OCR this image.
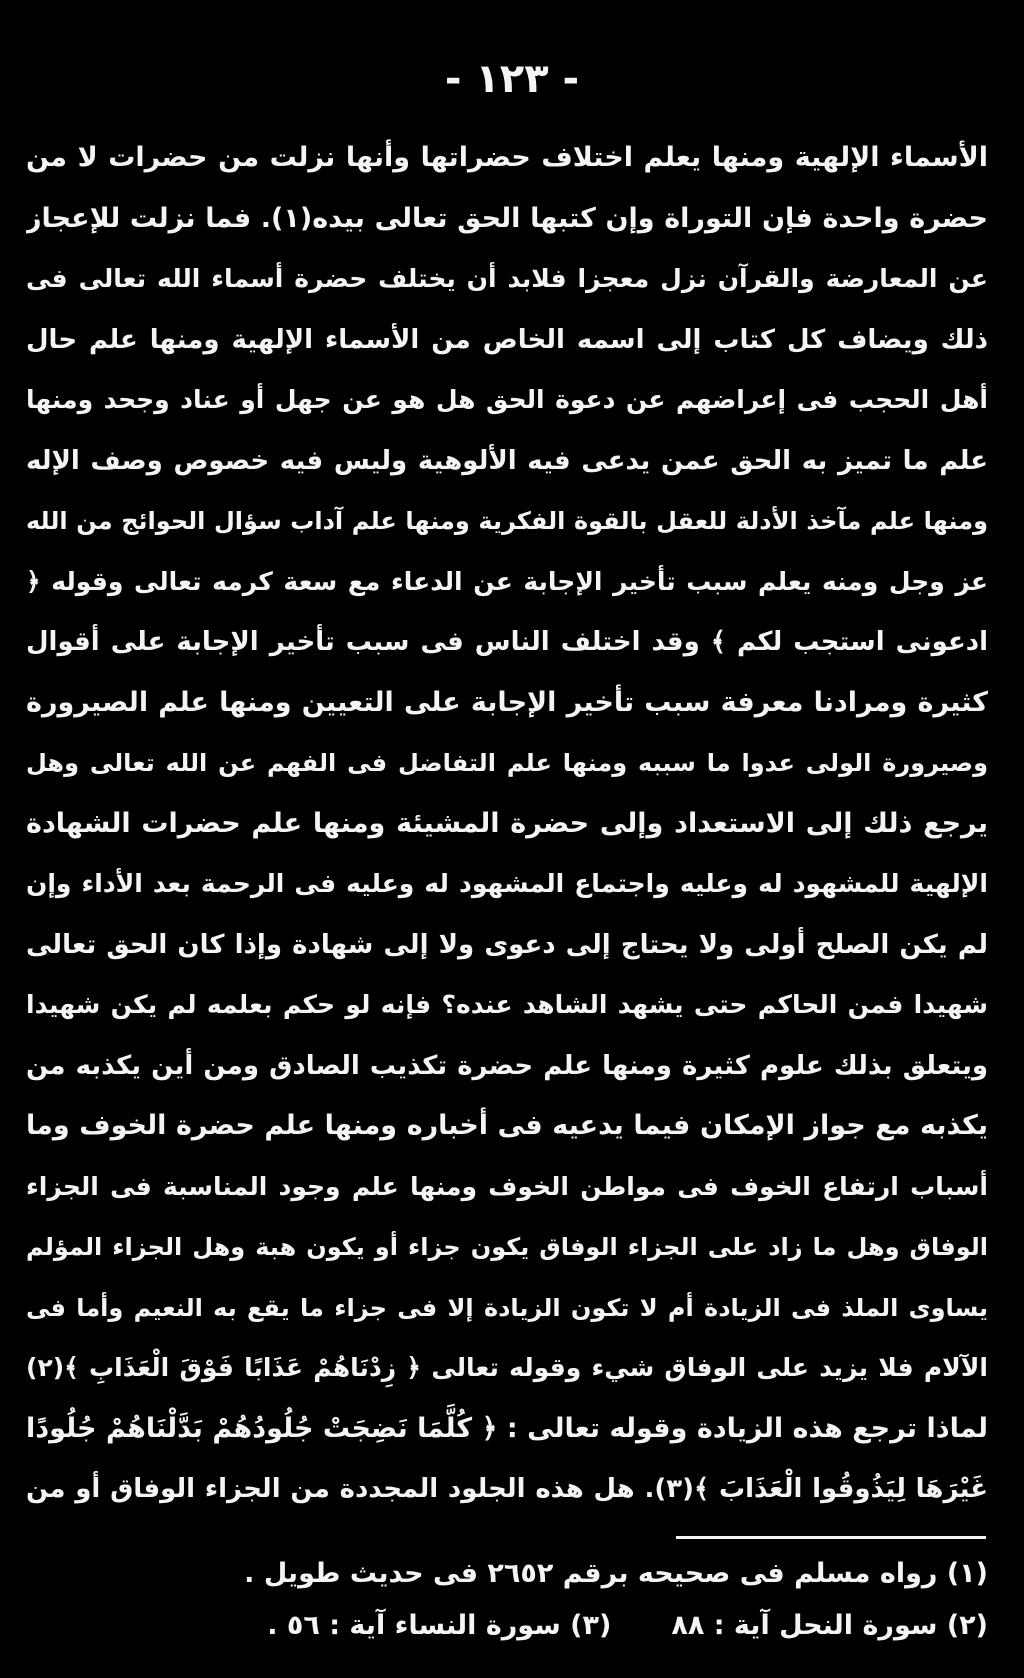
- ١٢٣ -
الأسماء الإلهية ومنها يعلم اختلاف حضراتها وأنها نزلت من حضرات لا من
حضرة واحدة فإن التوراة وإن كتبها الحق تعالى بيده(١). فما نزلت للإعجاز
عن المعارضة والقرآن نزل معجزا فلابد أن يختلف حضرة أسماء الله تعالى فى
ذلك ويضاف كل كتاب إلى اسمه الخاص من الأسماء الإلهية ومنها علم حال
أهل الحجب فى إعراضهم عن دعوة الحق هل هو عن جهل أو عناد وجحد ومنها
علم ما تميز به الحق عمن يدعى فيه الألوهية وليس فيه خصوص وصف الإله
ومنها علم مآخذ الأدلة للعقل بالقوة الفكرية ومنها علم آداب سؤال الحوائج من الله
عز وجل ومنه يعلم سبب تأخير الإجابة عن الدعاء مع سعة كرمه تعالى وقوله ﴿
ادعونى استجب لكم ﴾ وقد اختلف الناس فى سبب تأخير الإجابة على أقوال
كثيرة ومرادنا معرفة سبب تأخير الإجابة على التعيين ومنها علم الصيرورة
وصيرورة الولى عدوا ما سببه ومنها علم التفاضل فى الفهم عن الله تعالى وهل
يرجع ذلك إلى الاستعداد وإلى حضرة المشيئة ومنها علم حضرات الشهادة
الإلهية للمشهود له وعليه واجتماع المشهود له وعليه فى الرحمة بعد الأداء وإن
لم يكن الصلح أولى ولا يحتاج إلى دعوى ولا إلى شهادة وإذا كان الحق تعالى
شهيدا فمن الحاكم حتى يشهد الشاهد عنده؟ فإنه لو حكم بعلمه لم يكن شهيدا
ويتعلق بذلك علوم كثيرة ومنها علم حضرة تكذيب الصادق ومن أين يكذبه من
يكذبه مع جواز الإمكان فيما يدعيه فى أخباره ومنها علم حضرة الخوف وما
أسباب ارتفاع الخوف فى مواطن الخوف ومنها علم وجود المناسبة فى الجزاء
الوفاق وهل ما زاد على الجزاء الوفاق يكون جزاء أو يكون هبة وهل الجزاء المؤلم
يساوى الملذ فى الزيادة أم لا تكون الزيادة إلا فى جزاء ما يقع به النعيم وأما فى
الآلام فلا يزيد على الوفاق شيء وقوله تعالى ﴿ زِدْنَاهُمْ عَذَابًا فَوْقَ الْعَذَابِ ﴾(٢)
لماذا ترجع هذه الزيادة وقوله تعالى : ﴿ كُلَّمَا نَضِجَتْ جُلُودُهُمْ بَدَّلْنَاهُمْ جُلُودًا
غَيْرَهَا لِيَذُوقُوا الْعَذَابَ ﴾(٣). هل هذه الجلود المجددة من الجزاء الوفاق أو من
(١) رواه مسلم فى صحيحه برقم ٢٦٥٢ فى حديث طويل .
(٢) سورة النحل آية : ٨٨
(٣) سورة النساء آية : ٥٦ .
